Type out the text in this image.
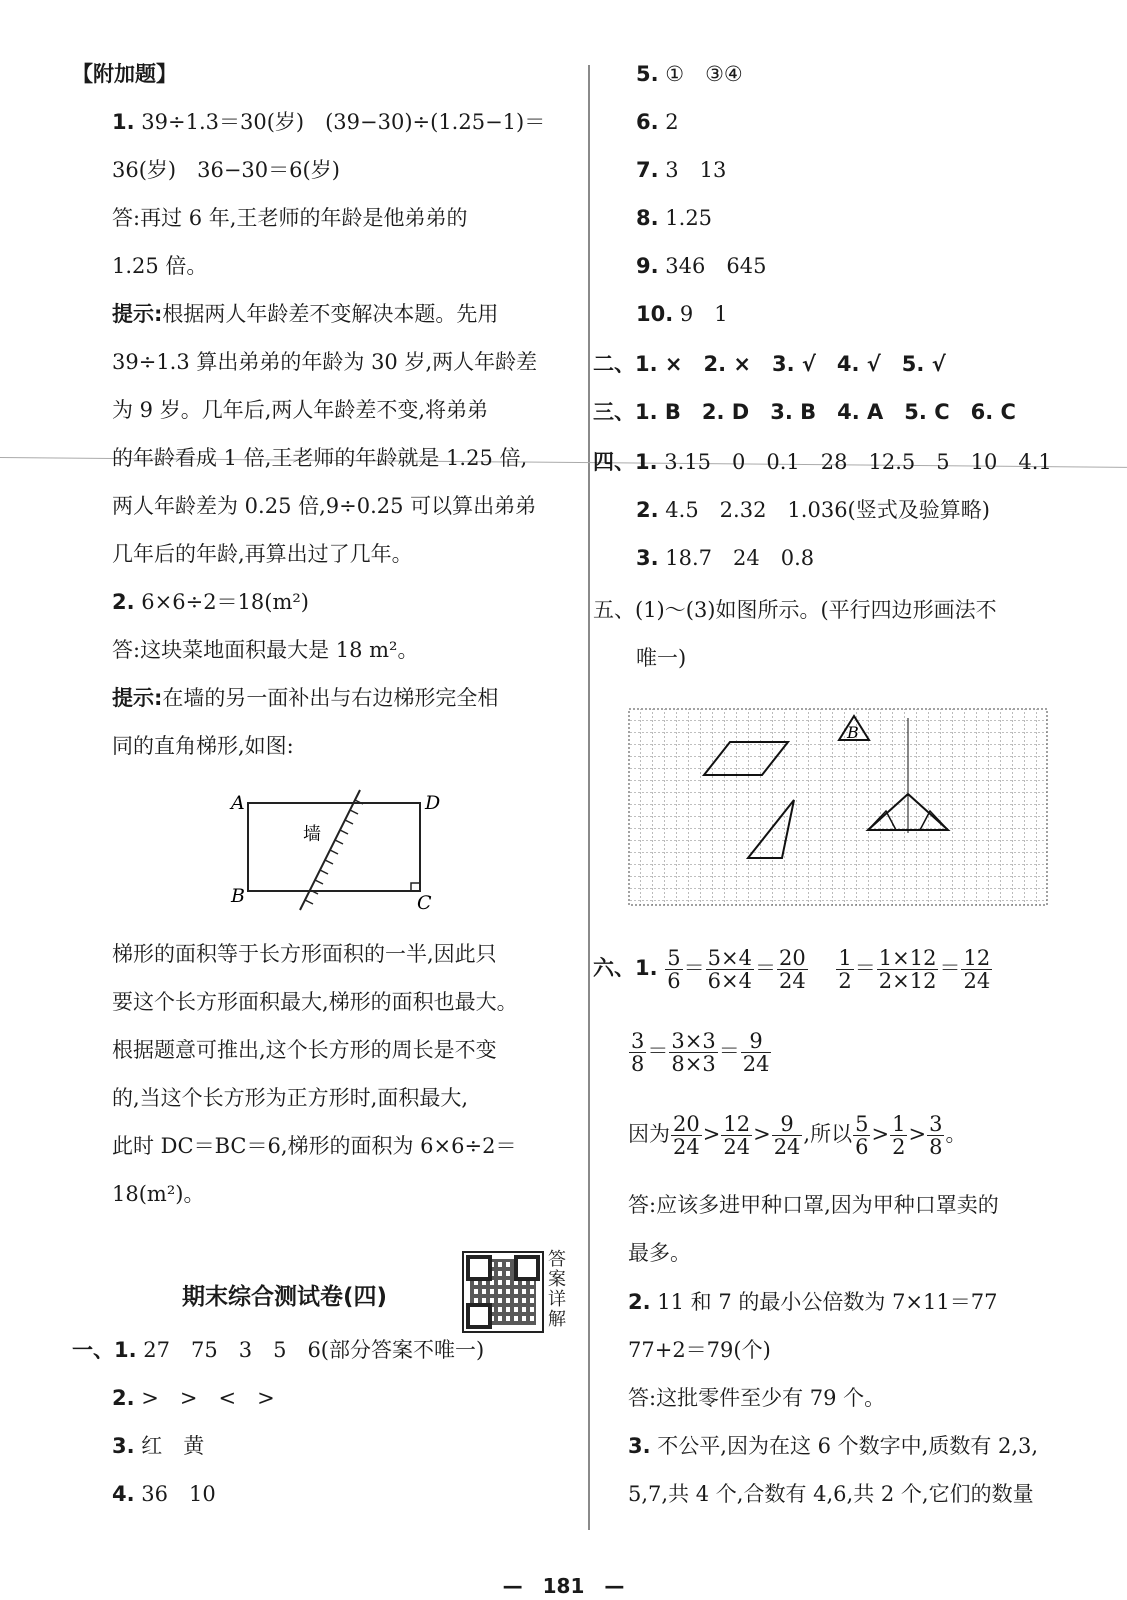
【附加题】
1. 39÷1.3＝30(岁)　(39−30)÷(1.25−1)＝
36(岁)　36−30＝6(岁)
答:再过 6 年,王老师的年龄是他弟弟的
1.25 倍。
提示:根据两人年龄差不变解决本题。先用
39÷1.3 算出弟弟的年龄为 30 岁,两人年龄差
为 9 岁。几年后,两人年龄差不变,将弟弟
的年龄看成 1 倍,王老师的年龄就是 1.25 倍,
两人年龄差为 0.25 倍,9÷0.25 可以算出弟弟
几年后的年龄,再算出过了几年。
2. 6×6÷2＝18(m²)
答:这块菜地面积最大是 18 m²。
提示:在墙的另一面补出与右边梯形完全相
同的直角梯形,如图:
A	D
B	C
墙
梯形的面积等于长方形面积的一半,因此只
要这个长方形面积最大,梯形的面积也最大。
根据题意可推出,这个长方形的周长是不变
的,当这个长方形为正方形时,面积最大,
此时 DC＝BC＝6,梯形的面积为 6×6÷2＝
18(m²)。
期末综合测试卷(四)
答
案
详
解
一、1. 27　75　3　5　6(部分答案不唯一)
2. >　>　<　>
3. 红　黄
4. 36　10
5. ①　③④
6. 2
7. 3　13
8. 1.25
9. 346　645
10. 9　1
二、1. ×　2. ×　3. √　4. √　5. √
三、1. B　2. D　3. B　4. A　5. C　6. C
四、1. 3.15　0　0.1　28　12.5　5　10　4.1
2. 4.5　2.32　1.036(竖式及验算略)
3. 18.7　24　0.8
五、(1)～(3)如图所示。(平行四边形画法不
唯一)
B
六、1. $\frac{5}{6} = \frac{5\times 4}{6\times 4} = \frac{20}{24}$
$\frac{1}{2} = \frac{1\times 12}{2\times 12} = \frac{12}{24}$
$\frac{3}{8} = \frac{3\times 3}{8\times 3} = \frac{9}{24}$
因为 $\frac{20}{24} > \frac{12}{24} > \frac{9}{24}$ ,所以 $\frac{5}{6} > \frac{1}{2} > \frac{3}{8}$ 。
答:应该多进甲种口罩,因为甲种口罩卖的
最多。
2. 11 和 7 的最小公倍数为 7×11＝77
77+2＝79(个)
答:这批零件至少有 79 个。
3. 不公平,因为在这 6 个数字中,质数有 2,3,
5,7,共 4 个,合数有 4,6,共 2 个,它们的数量
—　181　—
